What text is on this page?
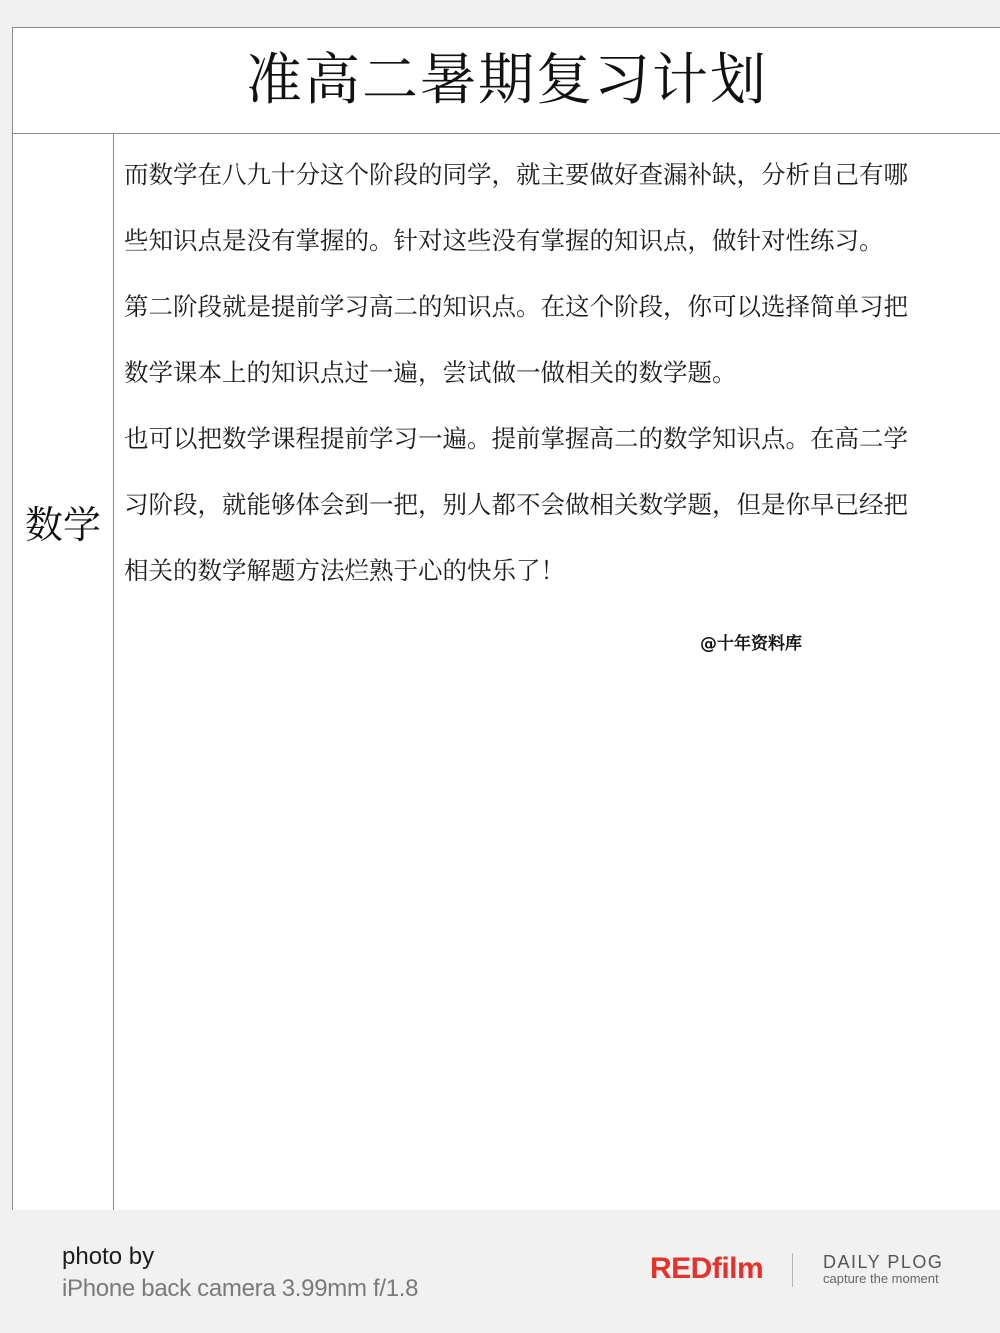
准高二暑期复习计划
数学

而数学在八九十分这个阶段的同学，就主要做好查漏补缺，分析自己有哪

些知识点是没有掌握的。针对这些没有掌握的知识点，做针对性练习。

第二阶段就是提前学习高二的知识点。在这个阶段，你可以选择简单习把

数学课本上的知识点过一遍，尝试做一做相关的数学题。

也可以把数学课程提前学习一遍。提前掌握高二的数学知识点。在高二学

习阶段，就能够体会到一把，别人都不会做相关数学题，但是你早已经把

相关的数学解题方法烂熟于心的快乐了！

@十年资料库
photo by
iPhone back camera 3.99mm f/1.8
REDfilm	DAILY PLOG
capture the moment
